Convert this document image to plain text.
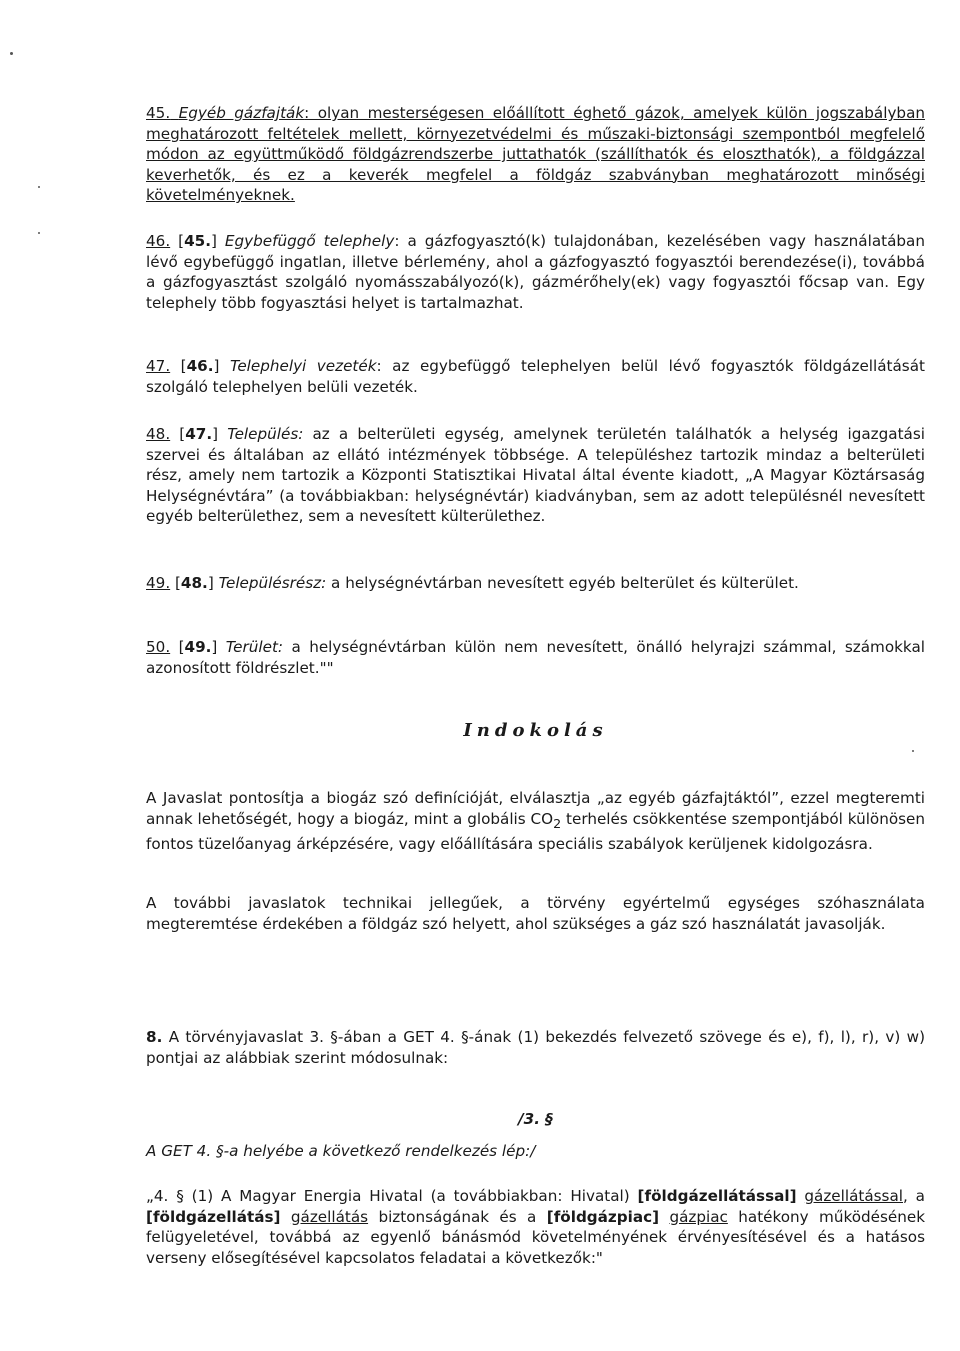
45. Egyéb gázfajták: olyan mesterségesen előállított éghető gázok, amelyek külön jogszabályban meghatározott feltételek mellett, környezetvédelmi és műszaki-biztonsági szempontból megfelelő módon az együttműködő földgázrendszerbe juttathatók (szállíthatók és eloszthatók), a földgázzal keverhetők, és ez a keverék megfelel a földgáz szabványban meghatározott minőségi követelményeknek.

46. [45.] Egybefüggő telephely: a gázfogyasztó(k) tulajdonában, kezelésében vagy használatában lévő egybefüggő ingatlan, illetve bérlemény, ahol a gázfogyasztó fogyasztói berendezése(i), továbbá a gázfogyasztást szolgáló nyomásszabályozó(k), gázmérőhely(ek) vagy fogyasztói főcsap van. Egy telephely több fogyasztási helyet is tartalmazhat.

47. [46.] Telephelyi vezeték: az egybefüggő telephelyen belül lévő fogyasztók földgázellátását szolgáló telephelyen belüli vezeték.

48. [47.] Település: az a belterületi egység, amelynek területén találhatók a helység igazgatási szervei és általában az ellátó intézmények többsége. A településhez tartozik mindaz a belterületi rész, amely nem tartozik a Központi Statisztikai Hivatal által évente kiadott, „A Magyar Köztársaság Helységnévtára” (a továbbiakban: helységnévtár) kiadványban, sem az adott településnél nevesített egyéb belterülethez, sem a nevesített külterülethez.

49. [48.] Településrész: a helységnévtárban nevesített egyéb belterület és külterület.

50. [49.] Terület: a helységnévtárban külön nem nevesített, önálló helyrajzi számmal, számokkal azonosított földrészlet.""

Indokolás

A Javaslat pontosítja a biogáz szó definícióját, elválasztja „az egyéb gázfajtáktól”, ezzel megteremti annak lehetőségét, hogy a biogáz, mint a globális $CO_2$ terhelés csökkentése szempontjából különösen fontos tüzelőanyag árképzésére, vagy előállítására speciális szabályok kerüljenek kidolgozásra.

A további javaslatok technikai jellegűek, a törvény egyértelmű egységes szóhasználata megteremtése érdekében a földgáz szó helyett, ahol szükséges a gáz szó használatát javasolják.

8. A törvényjavaslat 3. §-ában a GET 4. §-ának (1) bekezdés felvezető szövege és e), f), l), r), v) w) pontjai az alábbiak szerint módosulnak:

/3. §

A GET 4. §-a helyébe a következő rendelkezés lép:/

„4. § (1) A Magyar Energia Hivatal (a továbbiakban: Hivatal) [földgázellátással] gázellátással, a [földgázellátás] gázellátás biztonságának és a [földgázpiac] gázpiac hatékony működésének felügyeletével, továbbá az egyenlő bánásmód követelményének érvényesítésével és a hatásos verseny elősegítésével kapcsolatos feladatai a következők:"
